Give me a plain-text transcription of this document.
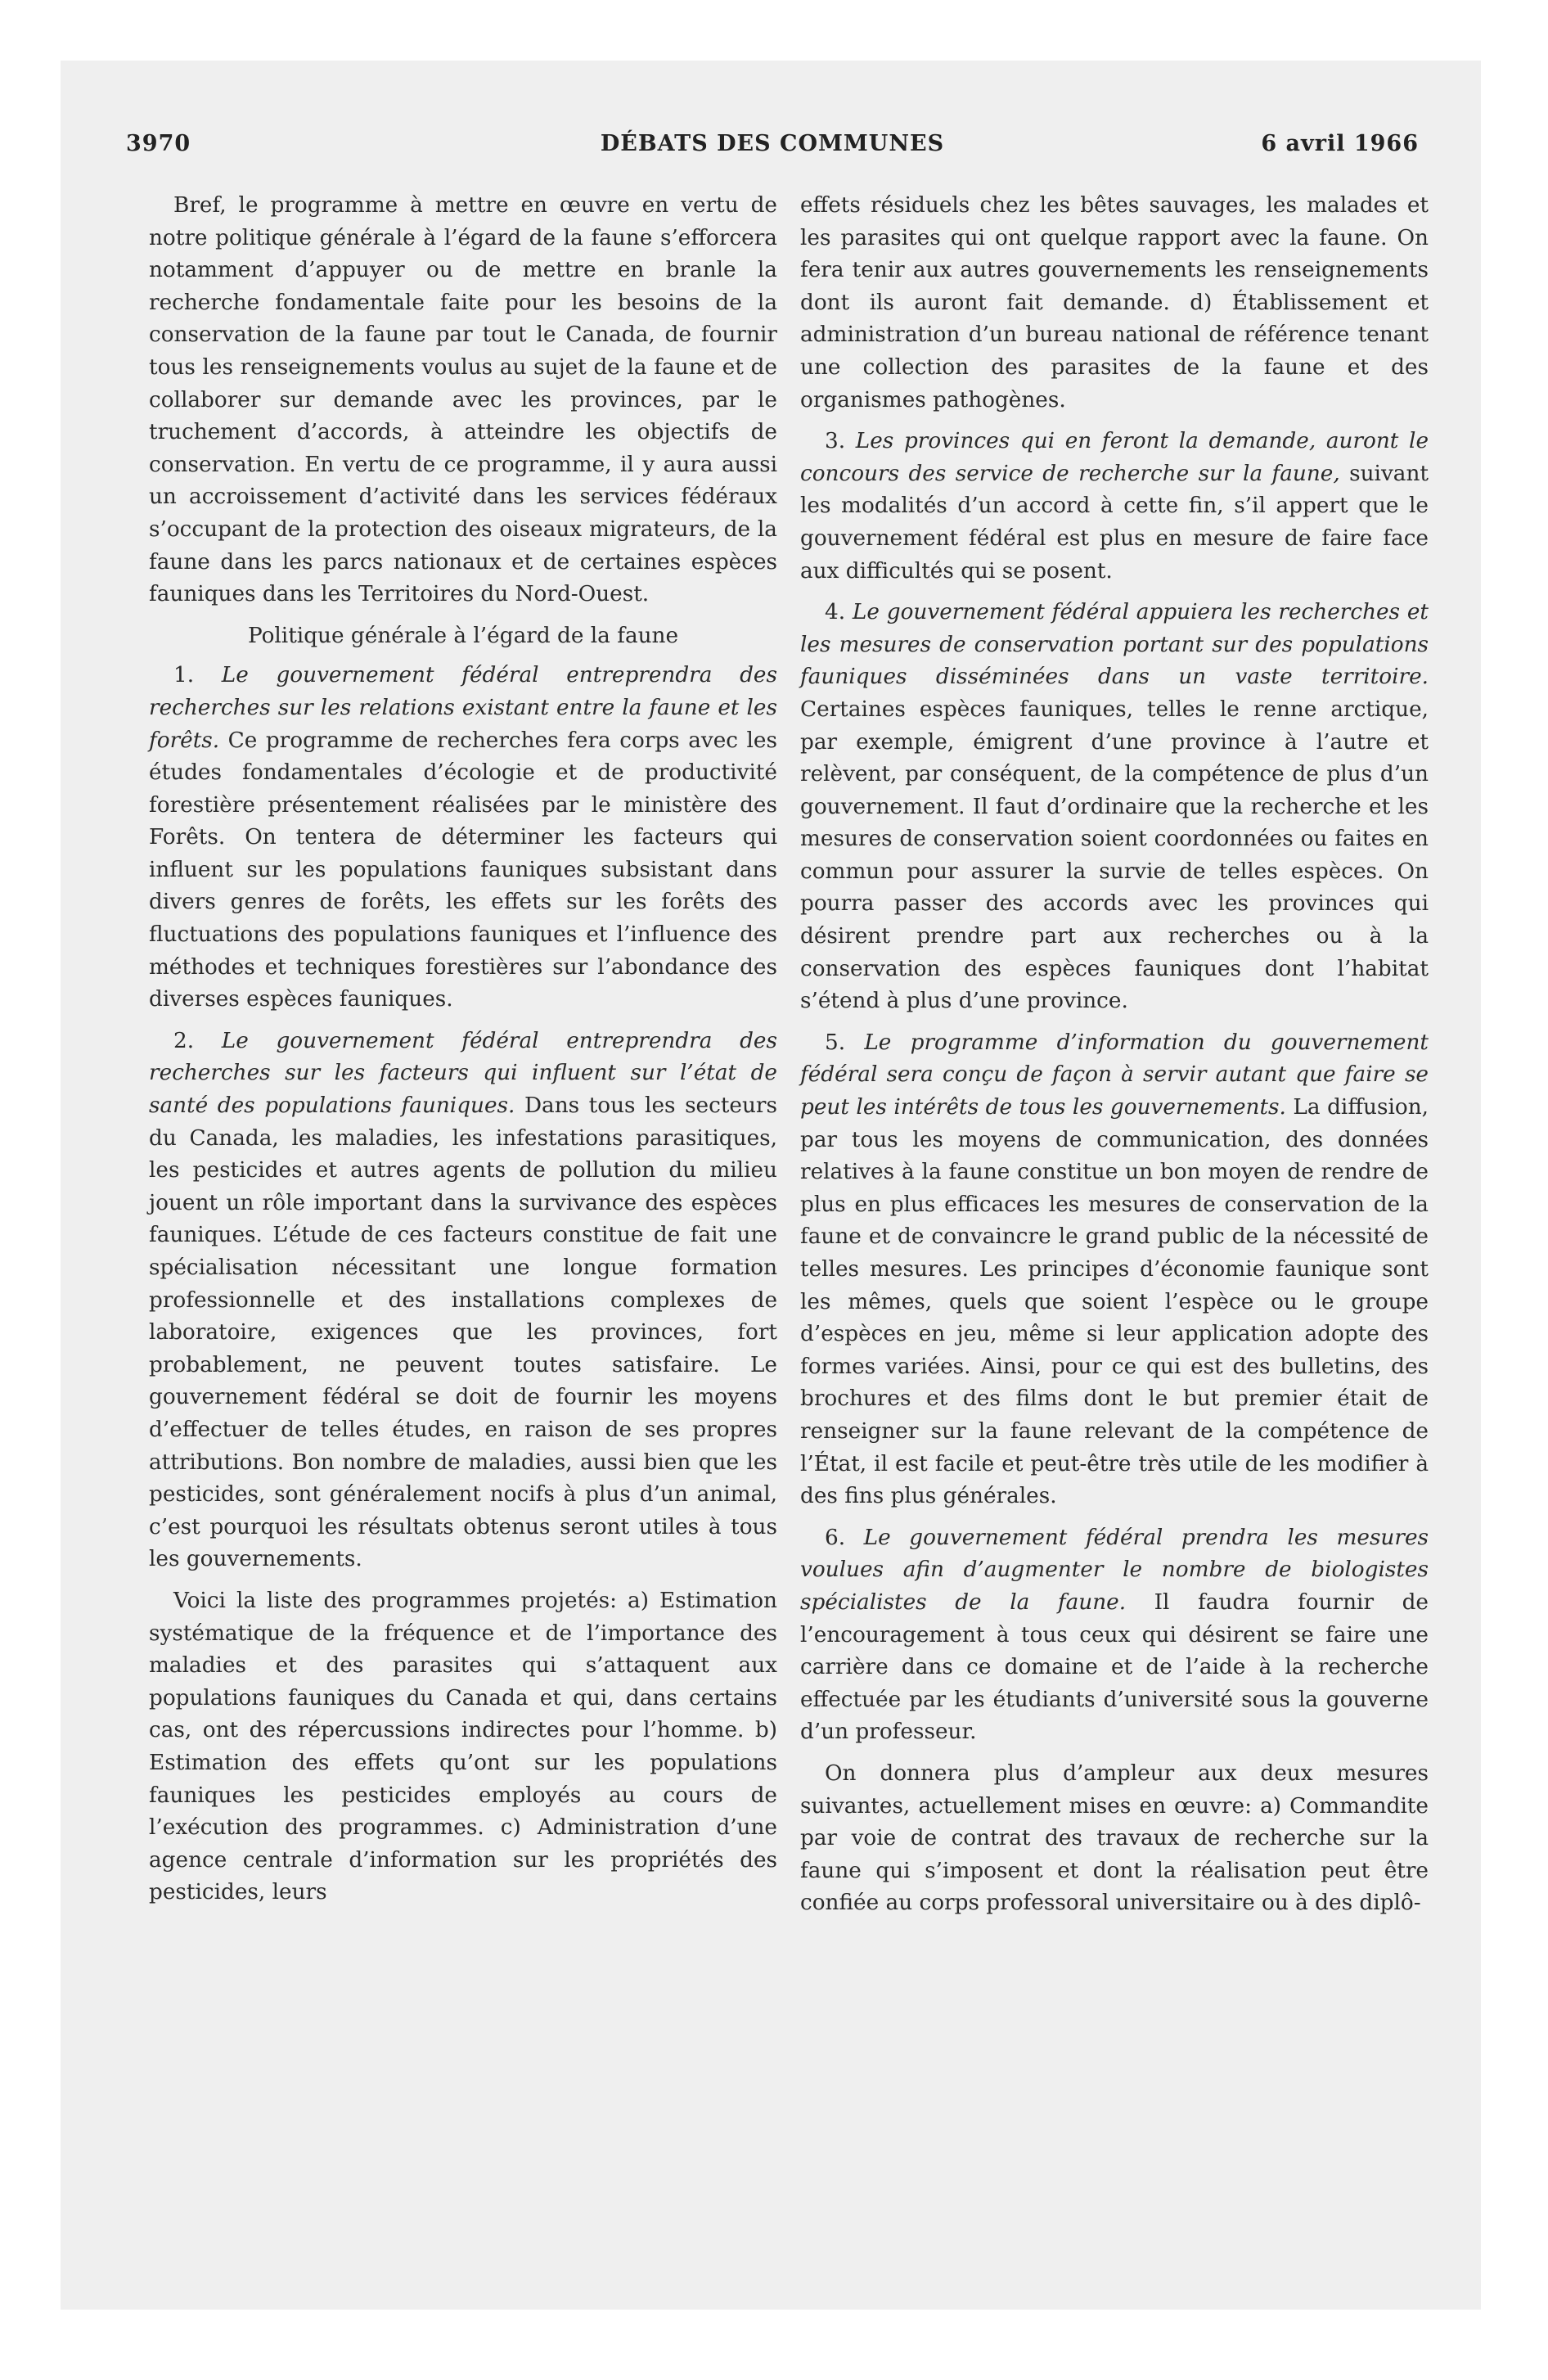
3970	DÉBATS DES COMMUNES	6 avril 1966

Bref, le programme à mettre en œuvre en vertu de notre politique générale à l’égard de la faune s’efforcera notamment d’appuyer ou de mettre en branle la recherche fondamentale faite pour les besoins de la conservation de la faune par tout le Canada, de fournir tous les renseignements voulus au sujet de la faune et de collaborer sur demande avec les provinces, par le truchement d’accords, à atteindre les objectifs de conservation. En vertu de ce programme, il y aura aussi un accroissement d’activité dans les services fédéraux s’occupant de la protection des oiseaux migrateurs, de la faune dans les parcs nationaux et de certaines espèces fauniques dans les Territoires du Nord-Ouest.

Politique générale à l’égard de la faune

1. Le gouvernement fédéral entreprendra des recherches sur les relations existant entre la faune et les forêts. Ce programme de recherches fera corps avec les études fondamentales d’écologie et de productivité forestière présentement réalisées par le ministère des Forêts. On tentera de déterminer les facteurs qui influent sur les populations fauniques subsistant dans divers genres de forêts, les effets sur les forêts des fluctuations des populations fauniques et l’influence des méthodes et techniques forestières sur l’abondance des diverses espèces fauniques.

2. Le gouvernement fédéral entreprendra des recherches sur les facteurs qui influent sur l’état de santé des populations fauniques. Dans tous les secteurs du Canada, les maladies, les infestations parasitiques, les pesticides et autres agents de pollution du milieu jouent un rôle important dans la survivance des espèces fauniques. L’étude de ces facteurs constitue de fait une spécialisation nécessitant une longue formation professionnelle et des installations complexes de laboratoire, exigences que les provinces, fort probablement, ne peuvent toutes satisfaire. Le gouvernement fédéral se doit de fournir les moyens d’effectuer de telles études, en raison de ses propres attributions. Bon nombre de maladies, aussi bien que les pesticides, sont généralement nocifs à plus d’un animal, c’est pourquoi les résultats obtenus seront utiles à tous les gouvernements.

Voici la liste des programmes projetés: a) Estimation systématique de la fréquence et de l’importance des maladies et des parasites qui s’attaquent aux populations fauniques du Canada et qui, dans certains cas, ont des répercussions indirectes pour l’homme. b) Estimation des effets qu’ont sur les populations fauniques les pesticides employés au cours de l’exécution des programmes. c) Administration d’une agence centrale d’information sur les propriétés des pesticides, leurs

effets résiduels chez les bêtes sauvages, les malades et les parasites qui ont quelque rapport avec la faune. On fera tenir aux autres gouvernements les renseignements dont ils auront fait demande. d) Établissement et administration d’un bureau national de référence tenant une collection des parasites de la faune et des organismes pathogènes.

3. Les provinces qui en feront la demande, auront le concours des service de recherche sur la faune, suivant les modalités d’un accord à cette fin, s’il appert que le gouvernement fédéral est plus en mesure de faire face aux difficultés qui se posent.

4. Le gouvernement fédéral appuiera les recherches et les mesures de conservation portant sur des populations fauniques disséminées dans un vaste territoire. Certaines espèces fauniques, telles le renne arctique, par exemple, émigrent d’une province à l’autre et relèvent, par conséquent, de la compétence de plus d’un gouvernement. Il faut d’ordinaire que la recherche et les mesures de conservation soient coordonnées ou faites en commun pour assurer la survie de telles espèces. On pourra passer des accords avec les provinces qui désirent prendre part aux recherches ou à la conservation des espèces fauniques dont l’habitat s’étend à plus d’une province.

5. Le programme d’information du gouvernement fédéral sera conçu de façon à servir autant que faire se peut les intérêts de tous les gouvernements. La diffusion, par tous les moyens de communication, des données relatives à la faune constitue un bon moyen de rendre de plus en plus efficaces les mesures de conservation de la faune et de convaincre le grand public de la nécessité de telles mesures. Les principes d’économie faunique sont les mêmes, quels que soient l’espèce ou le groupe d’espèces en jeu, même si leur application adopte des formes variées. Ainsi, pour ce qui est des bulletins, des brochures et des films dont le but premier était de renseigner sur la faune relevant de la compétence de l’État, il est facile et peut-être très utile de les modifier à des fins plus générales.

6. Le gouvernement fédéral prendra les mesures voulues afin d’augmenter le nombre de biologistes spécialistes de la faune. Il faudra fournir de l’encouragement à tous ceux qui désirent se faire une carrière dans ce domaine et de l’aide à la recherche effectuée par les étudiants d’université sous la gouverne d’un professeur.

On donnera plus d’ampleur aux deux mesures suivantes, actuellement mises en œuvre: a) Commandite par voie de contrat des travaux de recherche sur la faune qui s’imposent et dont la réalisation peut être confiée au corps professoral universitaire ou à des diplô-
